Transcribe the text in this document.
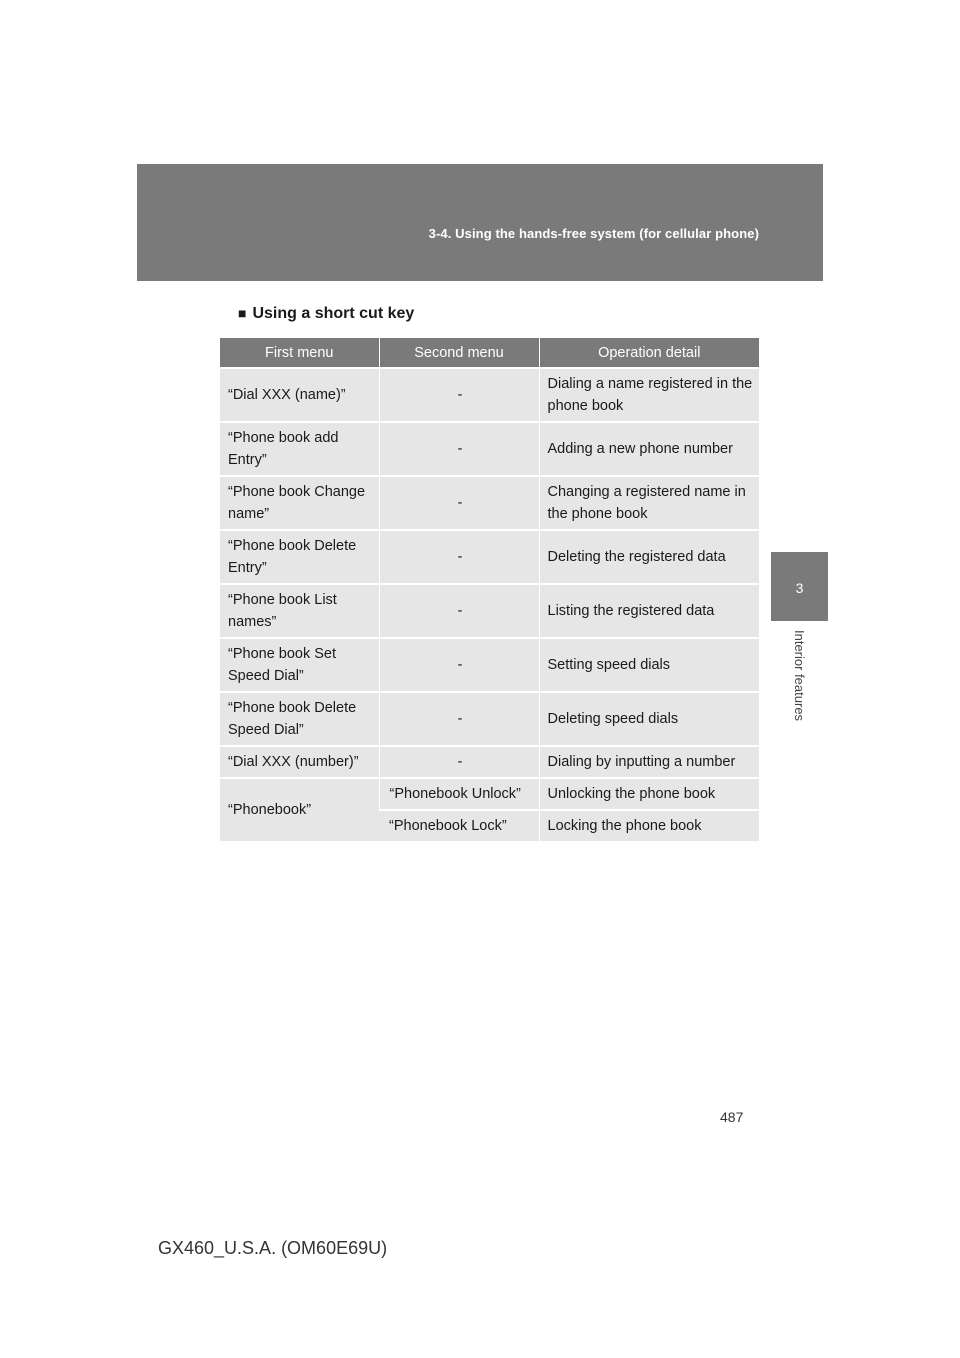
3-4. Using the hands-free system (for cellular phone)
3
Interior features
■ Using a short cut key
First menu	Second menu	Operation detail
“Dial XXX (name)”	-	Dialing a name registered in the phone book
“Phone book add Entry”	-	Adding a new phone number
“Phone book Change name”	-	Changing a registered name in the phone book
“Phone book Delete Entry”	-	Deleting the registered data
“Phone book List names”	-	Listing the registered data
“Phone book Set Speed Dial”	-	Setting speed dials
“Phone book Delete Speed Dial”	-	Deleting speed dials
“Dial XXX (number)”	-	Dialing by inputting a number
“Phonebook”	“Phonebook Unlock”	Unlocking the phone book
	“Phonebook Lock”	Locking the phone book
487
GX460_U.S.A. (OM60E69U)
